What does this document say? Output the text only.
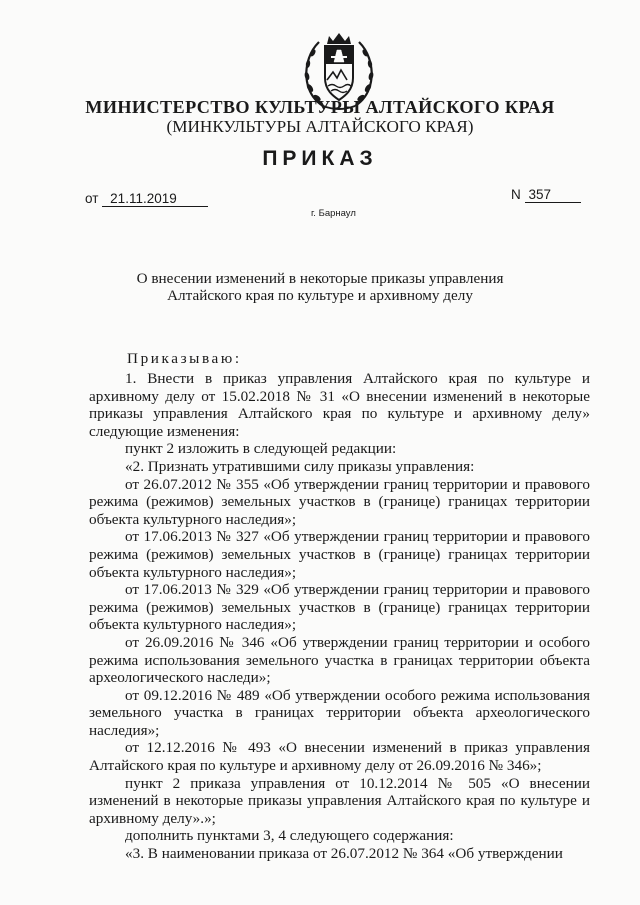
МИНИСТЕРСТВО КУЛЬТУРЫ АЛТАЙСКОГО КРАЯ
(МИНКУЛЬТУРЫ АЛТАЙСКОГО КРАЯ)
ПРИКАЗ
от 21.11.2019	N 357
г. Барнаул
О внесении изменений в некоторые приказы управления
Алтайского края по культуре и архивному делу
Приказываю:

1. Внести в приказ управления Алтайского края по культуре и архивному делу от 15.02.2018 № 31 «О внесении изменений в некоторые приказы управления Алтайского края по культуре и архивному делу» следующие изменения:

пункт 2 изложить в следующей редакции:

«2. Признать утратившими силу приказы управления:

от 26.07.2012 № 355 «Об утверждении границ территории и правового режима (режимов) земельных участков в (границе) границах территории объекта культурного наследия»;

от 17.06.2013 № 327 «Об утверждении границ территории и правового режима (режимов) земельных участков в (границе) границах территории объекта культурного наследия»;

от 17.06.2013 № 329 «Об утверждении границ территории и правового режима (режимов) земельных участков в (границе) границах территории объекта культурного наследия»;

от 26.09.2016 № 346 «Об утверждении границ территории и особого режима использования земельного участка в границах территории объекта археологического наследи»;

от 09.12.2016 № 489 «Об утверждении особого режима использования земельного участка в границах территории объекта археологического наследия»;

от 12.12.2016 № 493 «О внесении изменений в приказ управления Алтайского края по культуре и архивному делу от 26.09.2016 № 346»;

пункт 2 приказа управления от 10.12.2014 № 505 «О внесении изменений в некоторые приказы управления Алтайского края по культуре и архивному делу».»;

дополнить пунктами 3, 4 следующего содержания:

«3. В наименовании приказа от 26.07.2012 № 364 «Об утверждении
